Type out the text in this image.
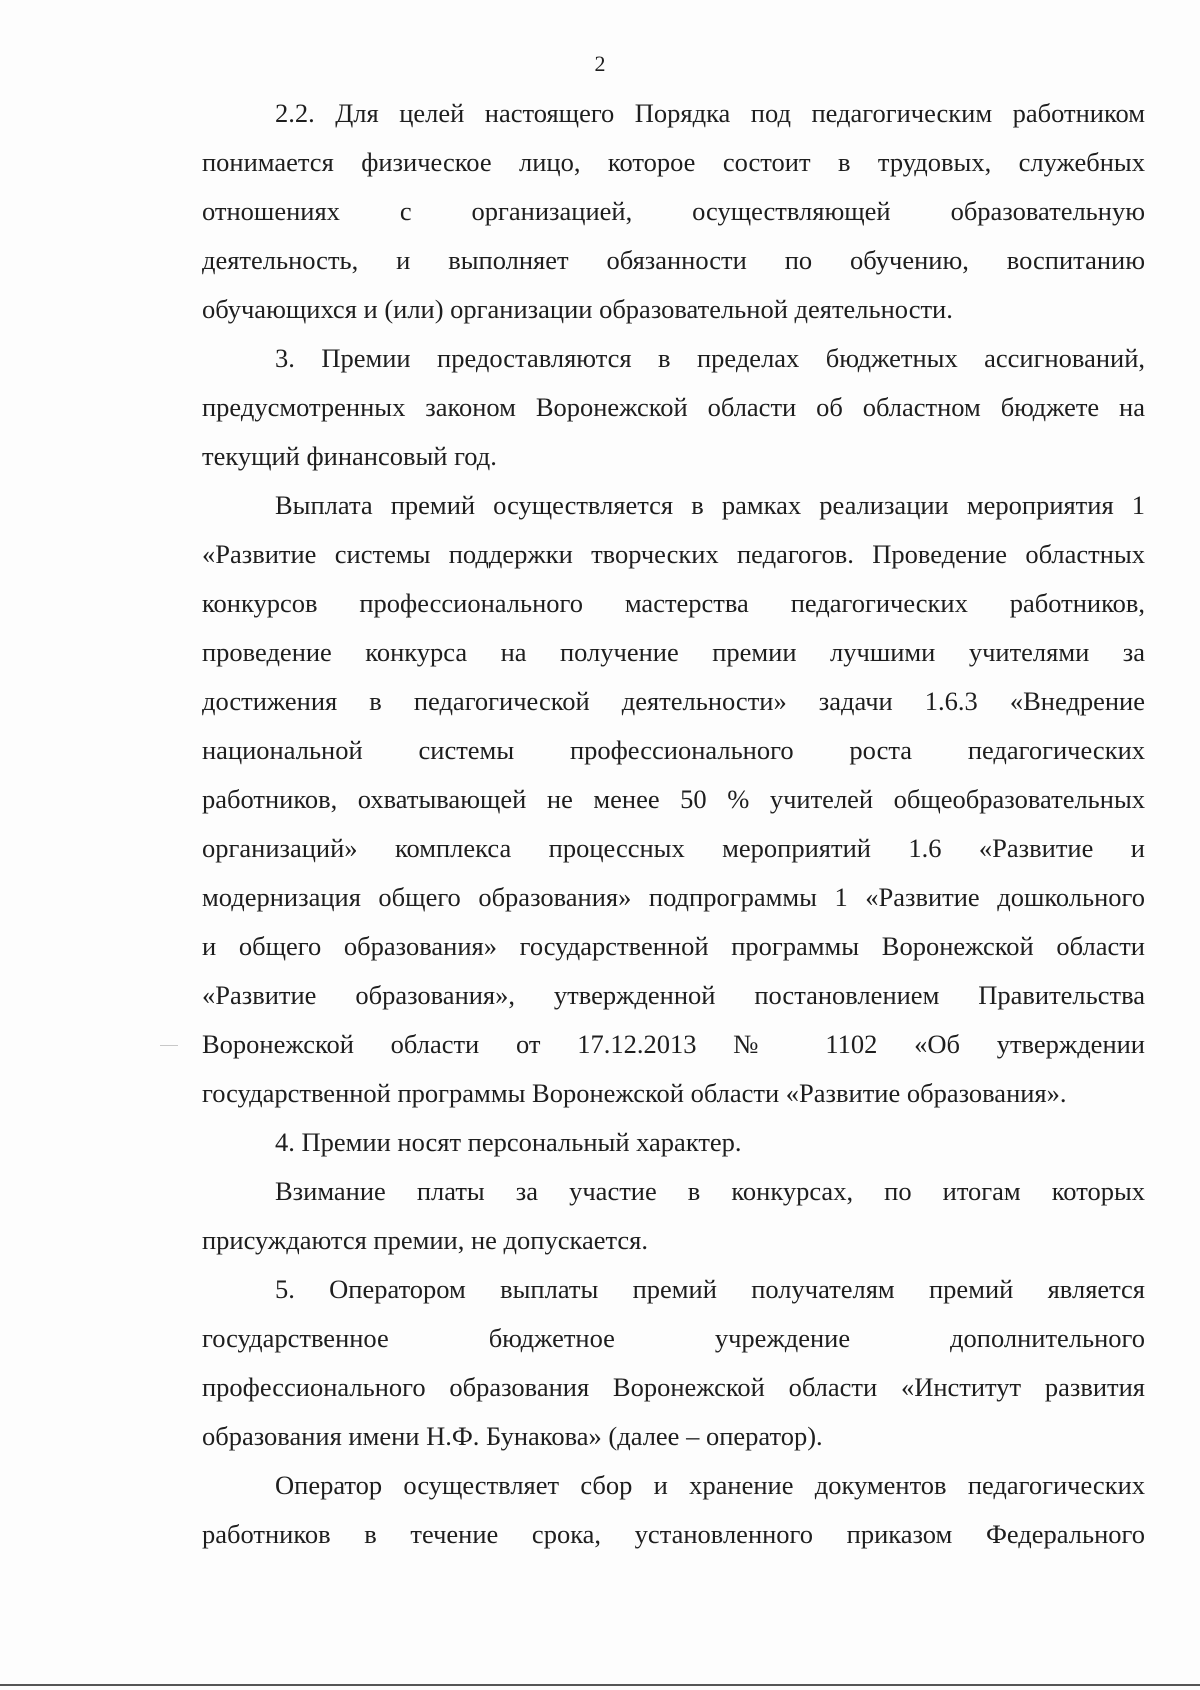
2
2.2. Для целей настоящего Порядка под педагогическим работником
понимается физическое лицо, которое состоит в трудовых, служебных
отношениях с организацией, осуществляющей образовательную
деятельность, и выполняет обязанности по обучению, воспитанию
обучающихся и (или) организации образовательной деятельности.
3. Премии предоставляются в пределах бюджетных ассигнований,
предусмотренных законом Воронежской области об областном бюджете на
текущий финансовый год.
Выплата премий осуществляется в рамках реализации мероприятия 1
«Развитие системы поддержки творческих педагогов. Проведение областных
конкурсов профессионального мастерства педагогических работников,
проведение конкурса на получение премии лучшими учителями за
достижения в педагогической деятельности» задачи 1.6.3 «Внедрение
национальной системы профессионального роста педагогических
работников, охватывающей не менее 50 % учителей общеобразовательных
организаций» комплекса процессных мероприятий 1.6 «Развитие и
модернизация общего образования» подпрограммы 1 «Развитие дошкольного
и общего образования» государственной программы Воронежской области
«Развитие образования», утвержденной постановлением Правительства
Воронежской области от 17.12.2013 № 1102 «Об утверждении
государственной программы Воронежской области «Развитие образования».
4. Премии носят персональный характер.
Взимание платы за участие в конкурсах, по итогам которых
присуждаются премии, не допускается.
5. Оператором выплаты премий получателям премий является
государственное бюджетное учреждение дополнительного
профессионального образования Воронежской области «Институт развития
образования имени Н.Ф. Бунакова» (далее – оператор).
Оператор осуществляет сбор и хранение документов педагогических
работников в течение срока, установленного приказом Федерального
